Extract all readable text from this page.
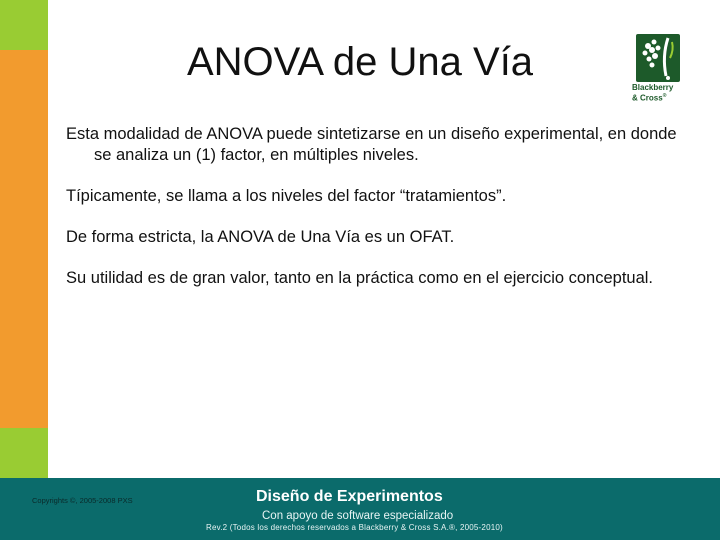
ANOVA de Una Vía
Blackberry
& Cross®

Esta modalidad de ANOVA puede sintetizarse en un diseño experimental, en donde se analiza un (1) factor, en múltiples niveles.

Típicamente, se llama a los niveles del factor “tratamientos”.

De forma estricta, la ANOVA de Una Vía es un OFAT.

Su utilidad es de gran valor, tanto en la práctica como en el ejercicio conceptual.

Copyrights ©, 2005-2008 PXS	Diseño de Experimentos
Con apoyo de software especializado
Rev.2 (Todos los derechos reservados a Blackberry & Cross S.A.®, 2005-2010)
